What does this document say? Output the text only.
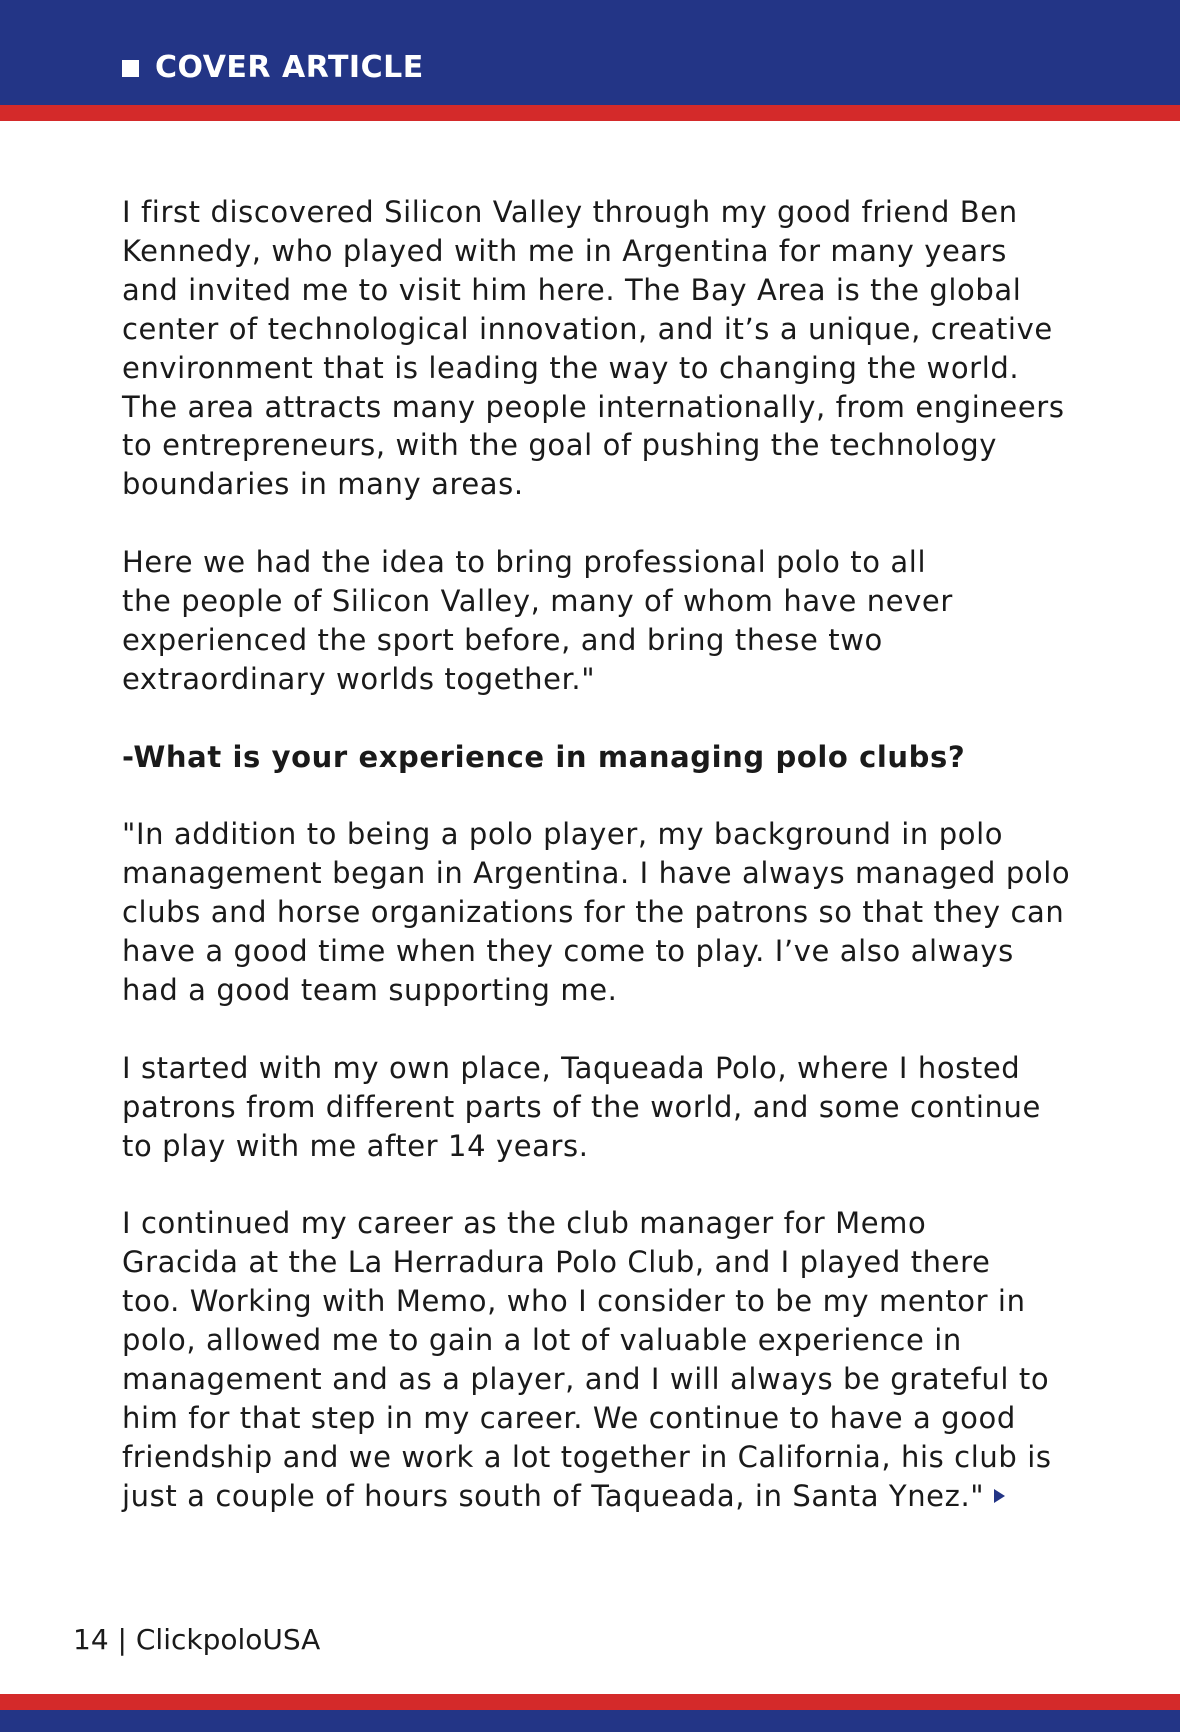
COVER ARTICLE

I first discovered Silicon Valley through my good friend Ben
Kennedy, who played with me in Argentina for many years
and invited me to visit him here. The Bay Area is the global
center of technological innovation, and it’s a unique, creative
environment that is leading the way to changing the world.
The area attracts many people internationally, from engineers
to entrepreneurs, with the goal of pushing the technology
boundaries in many areas.

Here we had the idea to bring professional polo to all
the people of Silicon Valley, many of whom have never
experienced the sport before, and bring these two
extraordinary worlds together."

-What is your experience in managing polo clubs?

"In addition to being a polo player, my background in polo
management began in Argentina. I have always managed polo
clubs and horse organizations for the patrons so that they can
have a good time when they come to play. I’ve also always
had a good team supporting me.

I started with my own place, Taqueada Polo, where I hosted
patrons from different parts of the world, and some continue
to play with me after 14 years.

I continued my career as the club manager for Memo
Gracida at the La Herradura Polo Club, and I played there
too. Working with Memo, who I consider to be my mentor in
polo, allowed me to gain a lot of valuable experience in
management and as a player, and I will always be grateful to
him for that step in my career. We continue to have a good
friendship and we work a lot together in California, his club is
just a couple of hours south of Taqueada, in Santa Ynez."

14 | ClickpoloUSA
